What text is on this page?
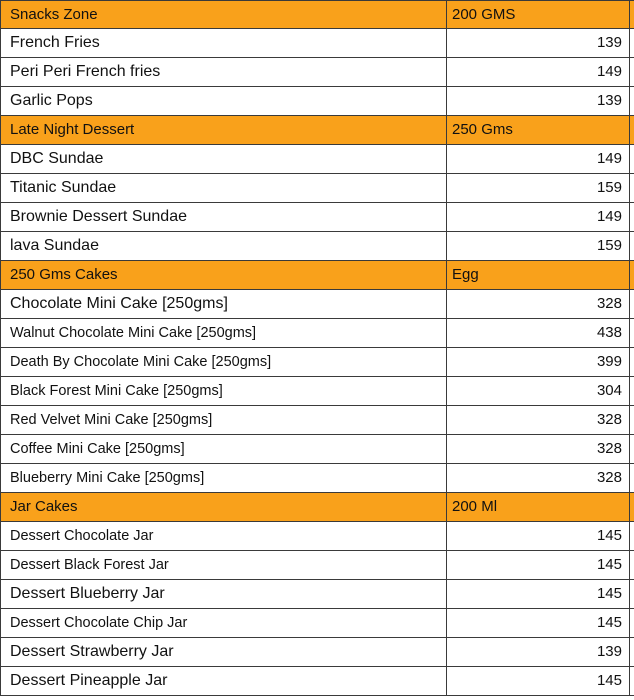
Snacks Zone	200 GMS
French Fries	139
Peri Peri French fries	149
Garlic Pops	139
Late Night Dessert	250 Gms
DBC Sundae	149
Titanic Sundae	159
Brownie Dessert Sundae	149
lava Sundae	159
250 Gms Cakes	Egg
Chocolate Mini Cake [250gms]	328
Walnut Chocolate Mini Cake [250gms]	438
Death By Chocolate Mini Cake [250gms]	399
Black Forest Mini Cake [250gms]	304
Red Velvet Mini Cake [250gms]	328
Coffee Mini Cake [250gms]	328
Blueberry Mini Cake [250gms]	328
Jar Cakes	200 Ml
Dessert Chocolate Jar	145
Dessert Black Forest Jar	145
Dessert Blueberry Jar	145
Dessert Chocolate Chip Jar	145
Dessert Strawberry Jar	139
Dessert Pineapple Jar	145
